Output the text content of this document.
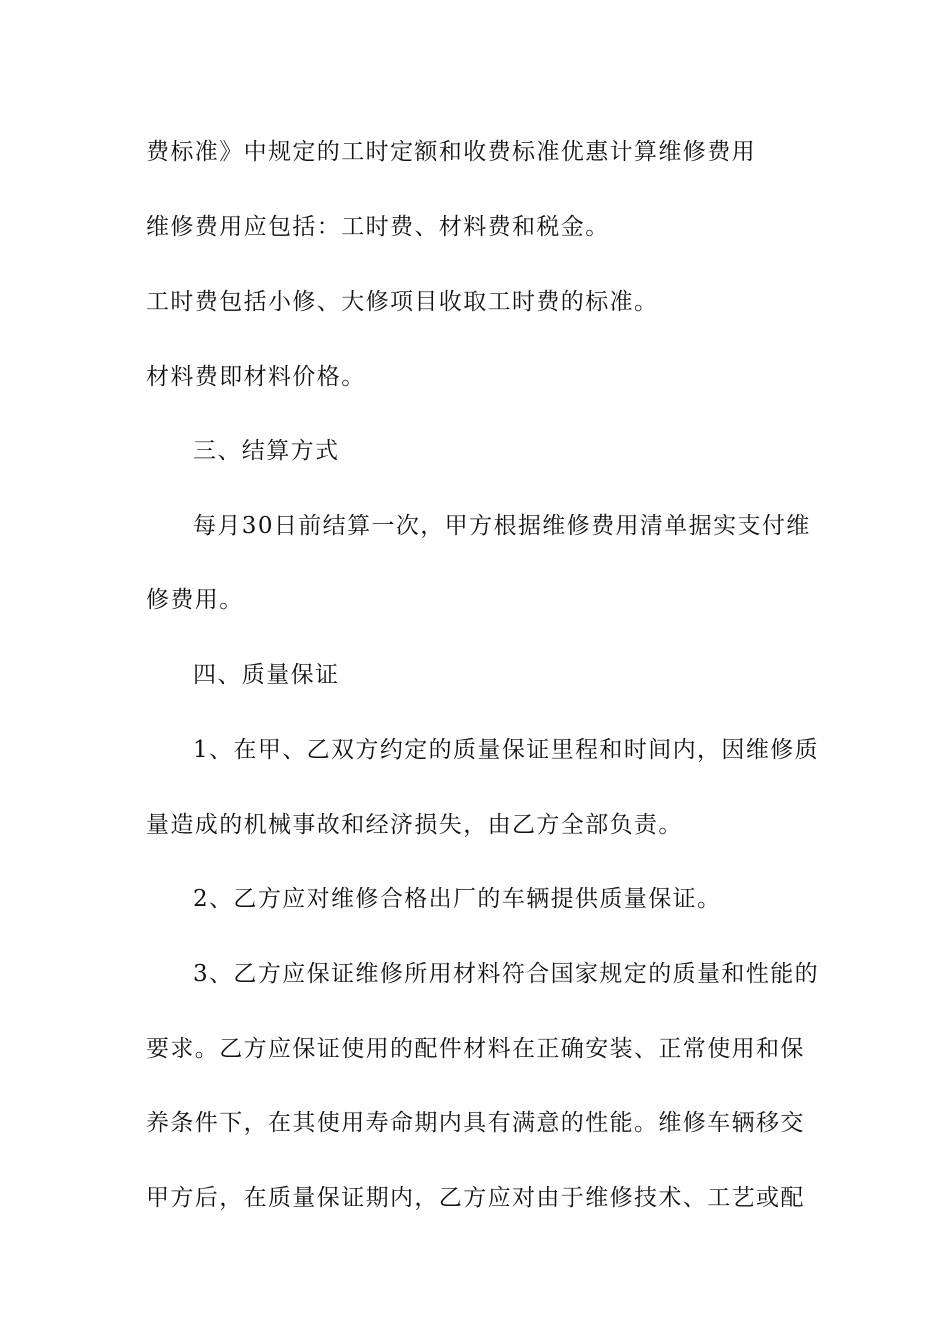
费标准》中规定的工时定额和收费标准优惠计算维修费用
维修费用应包括：工时费、材料费和税金。
工时费包括小修、大修项目收取工时费的标准。
材料费即材料价格。
三、结算方式
每月30日前结算一次，甲方根据维修费用清单据实支付维
修费用。
四、质量保证
1、在甲、乙双方约定的质量保证里程和时间内，因维修质
量造成的机械事故和经济损失，由乙方全部负责。
2、乙方应对维修合格出厂的车辆提供质量保证。
3、乙方应保证维修所用材料符合国家规定的质量和性能的
要求。乙方应保证使用的配件材料在正确安装、正常使用和保
养条件下，在其使用寿命期内具有满意的性能。维修车辆移交
甲方后，在质量保证期内，乙方应对由于维修技术、工艺或配
